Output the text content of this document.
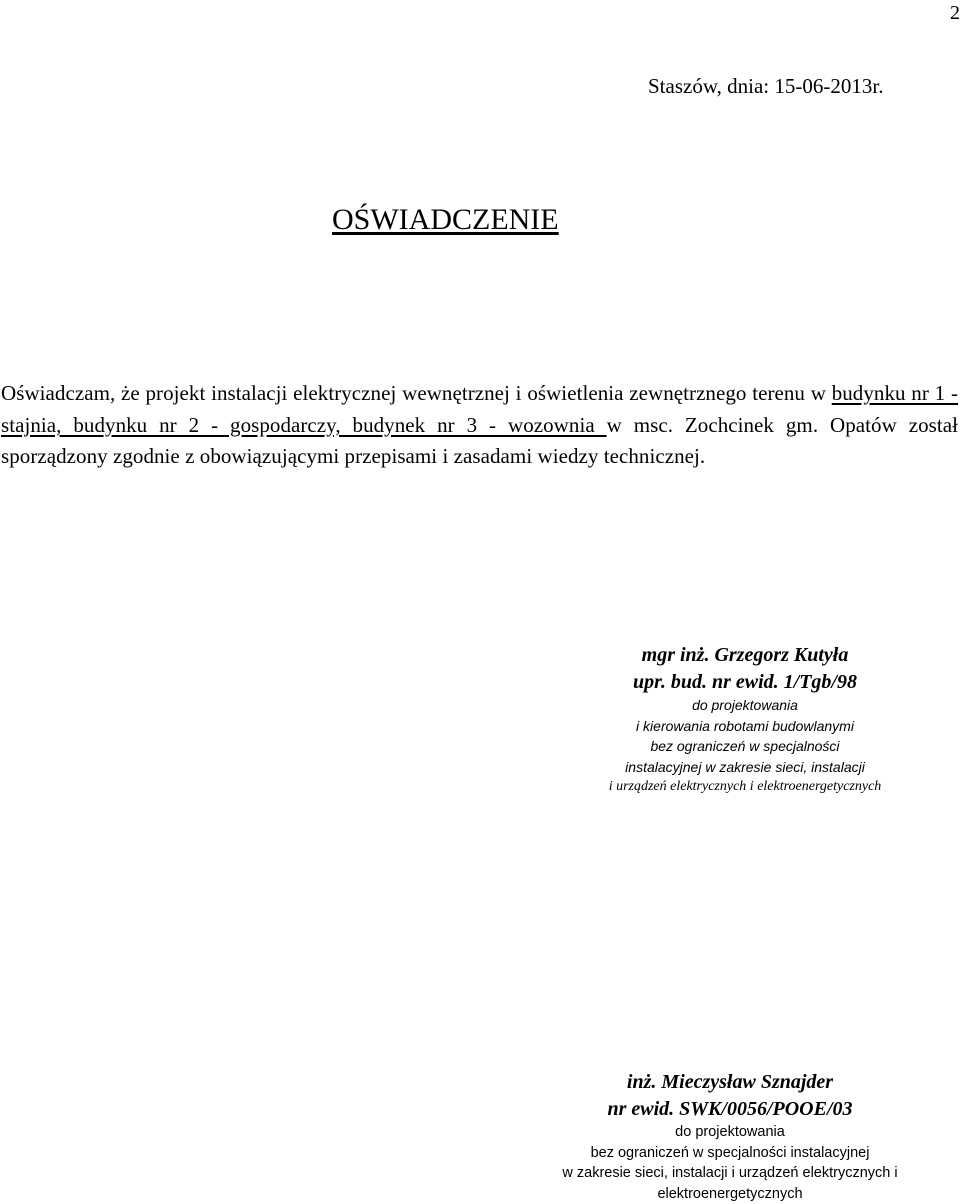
2
Staszów, dnia: 15-06-2013r.
OŚWIADCZENIE
Oświadczam, że projekt instalacji elektrycznej wewnętrznej i oświetlenia zewnętrznego terenu w budynku nr 1 - stajnia, budynku nr 2 - gospodarczy, budynek nr 3 - wozownia w msc. Zochcinek gm. Opatów został sporządzony zgodnie z obowiązującymi przepisami i zasadami wiedzy technicznej.
mgr inż. Grzegorz Kutyła
upr. bud. nr ewid. 1/Tgb/98
do projektowania
i kierowania robotami budowlanymi
bez ograniczeń w specjalności
instalacyjnej w zakresie sieci, instalacji
i urządzeń elektrycznych i elektroenergetycznych
inż. Mieczysław Sznajder
nr ewid. SWK/0056/POOE/03
do projektowania
bez ograniczeń w specjalności instalacyjnej
w zakresie sieci, instalacji i urządzeń elektrycznych i
elektroenergetycznych
